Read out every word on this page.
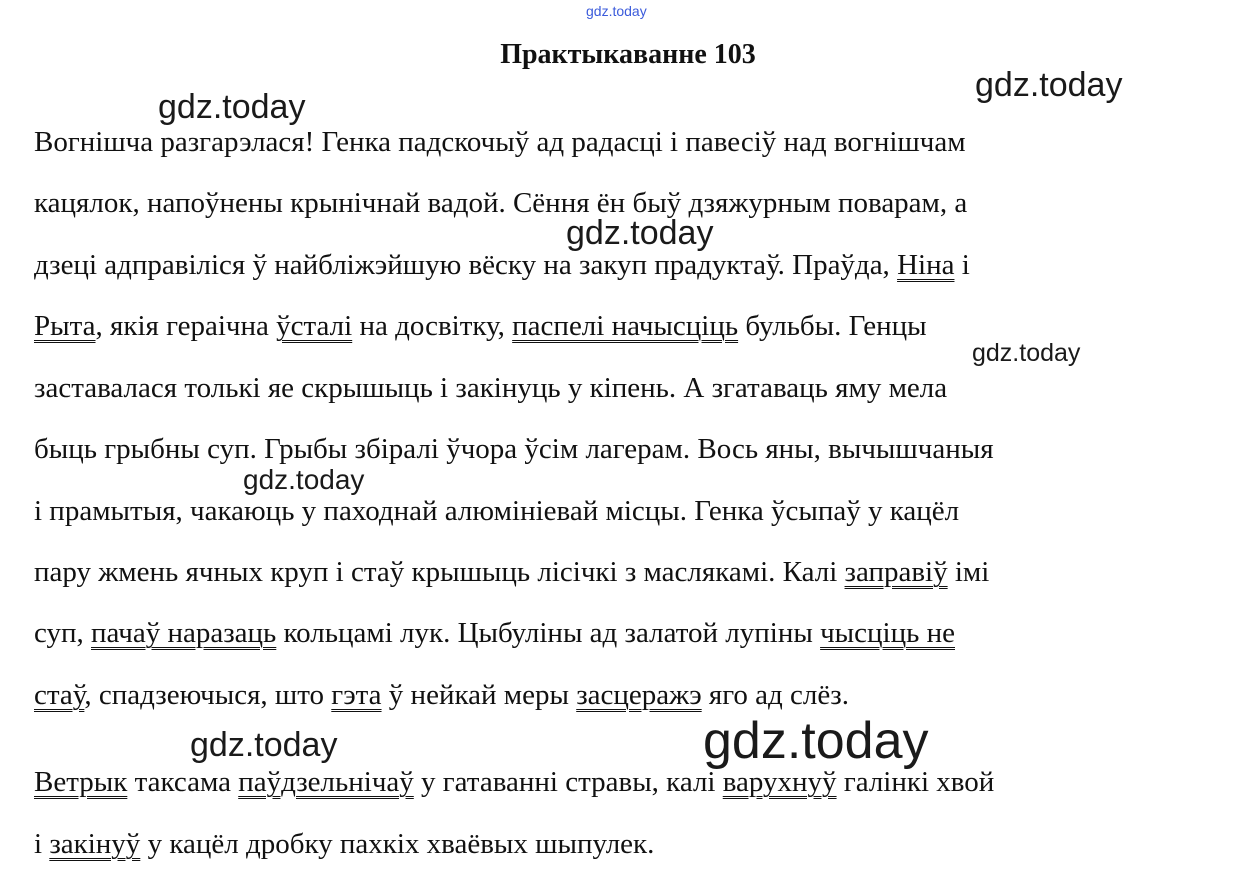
gdz.today
Практыкаванне 103
Вогнішча разгарэлася! Генка падскочыў ад радасці і павесіў над вогнішчам
кацялок, напоўнены крынічнай вадой. Сёння ён быў дзяжурным поварам, а
дзеці адправіліся ў найбліжэйшую вёску на закуп прадуктаў. Праўда, Ніна і
Рыта, якія гераічна ўсталі на досвітку, паспелі начысціць бульбы. Генцы
заставалася толькі яе скрышыць і закінуць у кіпень. А згатаваць яму мела
быць грыбны суп. Грыбы збіралі ўчора ўсім лагерам. Вось яны, вычышчаныя
і прамытыя, чакаюць у паходнай алюмініевай місцы. Генка ўсыпаў у кацёл
пару жмень ячных круп і стаў крышыць лісічкі з маслякамі. Калі заправіў імі
суп, пачаў наразаць кольцамі лук. Цыбуліны ад залатой лупіны чысціць не
стаў, спадзеючыся, што гэта ў нейкай меры засцеражэ яго ад слёз.
Ветрык таксама паўдзельнічаў у гатаванні стравы, калі варухнуў галінкі хвой
і закінуў у кацёл дробку пахкіх хваёвых шыпулек.
gdz.today
gdz.today
gdz.today
gdz.today
gdz.today
gdz.today	gdz.today
